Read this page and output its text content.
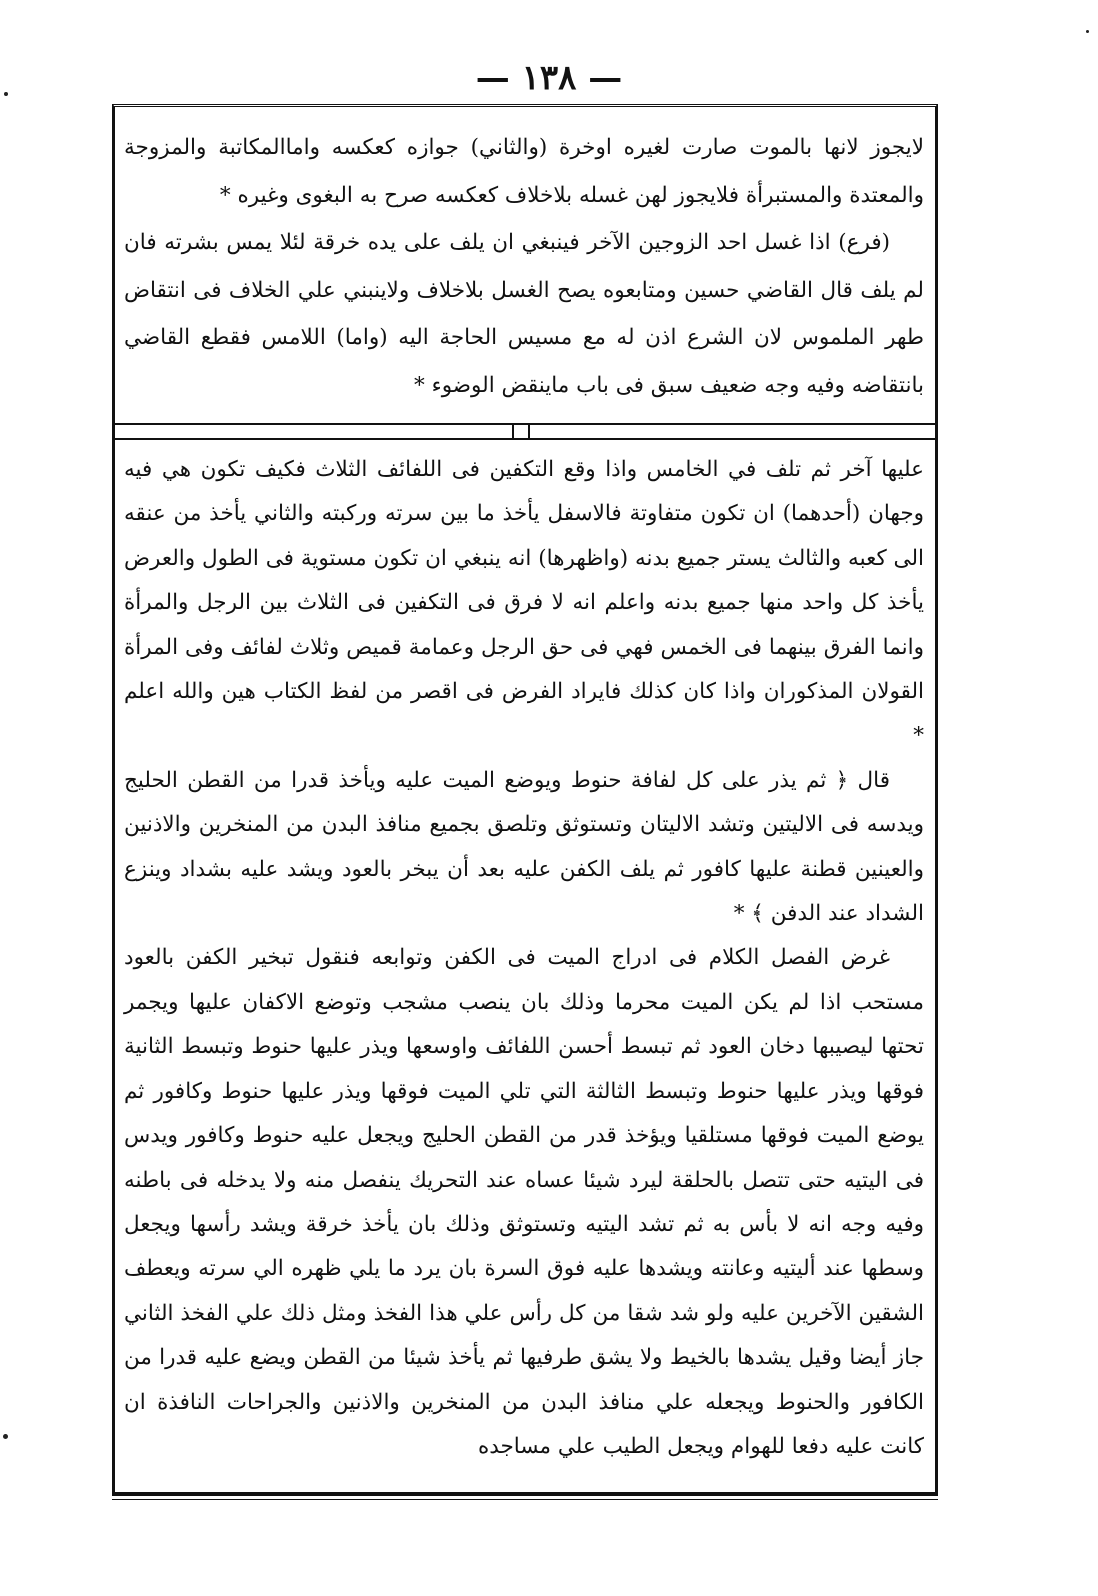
— ١٣٨ —

لايجوز لانها بالموت صارت لغيره اوخرة (والثاني) جوازه كعكسه واماالمكاتبة والمزوجة والمعتدة والمستبرأة فلايجوز لهن غسله بلاخلاف كعكسه صرح به البغوى وغيره *

(فرع) اذا غسل احد الزوجين الآخر فينبغي ان يلف على يده خرقة لئلا يمس بشرته فان لم يلف قال القاضي حسين ومتابعوه يصح الغسل بلاخلاف ولاينبني علي الخلاف فى انتقاض طهر الملموس لان الشرع اذن له مع مسيس الحاجة اليه (واما) اللامس فقطع القاضي بانتقاضه وفيه وجه ضعيف سبق فى باب ماينقض الوضوء *

عليها آخر ثم تلف في الخامس واذا وقع التكفين فى اللفائف الثلاث فكيف تكون هي فيه وجهان (أحدهما) ان تكون متفاوتة فالاسفل يأخذ ما بين سرته وركبته والثاني يأخذ من عنقه الى كعبه والثالث يستر جميع بدنه (واظهرها) انه ينبغي ان تكون مستوية فى الطول والعرض يأخذ كل واحد منها جميع بدنه واعلم انه لا فرق فى التكفين فى الثلاث بين الرجل والمرأة وانما الفرق بينهما فى الخمس فهي فى حق الرجل وعمامة قميص وثلاث لفائف وفى المرأة القولان المذكوران واذا كان كذلك فايراد الفرض فى اقصر من لفظ الكتاب هين والله اعلم *

قال ﴿ ثم يذر على كل لفافة حنوط ويوضع الميت عليه ويأخذ قدرا من القطن الحليج ويدسه فى الاليتين وتشد الاليتان وتستوثق وتلصق بجميع منافذ البدن من المنخرين والاذنين والعينين قطنة عليها كافور ثم يلف الكفن عليه بعد أن يبخر بالعود ويشد عليه بشداد وينزع الشداد عند الدفن ﴾ *

غرض الفصل الكلام فى ادراج الميت فى الكفن وتوابعه فنقول تبخير الكفن بالعود مستحب اذا لم يكن الميت محرما وذلك بان ينصب مشجب وتوضع الاكفان عليها ويجمر تحتها ليصيبها دخان العود ثم تبسط أحسن اللفائف واوسعها ويذر عليها حنوط وتبسط الثانية فوقها ويذر عليها حنوط وتبسط الثالثة التي تلي الميت فوقها ويذر عليها حنوط وكافور ثم يوضع الميت فوقها مستلقيا ويؤخذ قدر من القطن الحليج ويجعل عليه حنوط وكافور ويدس فى اليتيه حتى تتصل بالحلقة ليرد شيئا عساه عند التحريك ينفصل منه ولا يدخله فى باطنه وفيه وجه انه لا بأس به ثم تشد اليتيه وتستوثق وذلك بان يأخذ خرقة ويشد رأسها ويجعل وسطها عند أليتيه وعانته ويشدها عليه فوق السرة بان يرد ما يلي ظهره الي سرته ويعطف الشقين الآخرين عليه ولو شد شقا من كل رأس علي هذا الفخذ ومثل ذلك علي الفخذ الثاني جاز أيضا وقيل يشدها بالخيط ولا يشق طرفيها ثم يأخذ شيئا من القطن ويضع عليه قدرا من الكافور والحنوط ويجعله علي منافذ البدن من المنخرين والاذنين والجراحات النافذة ان كانت عليه دفعا للهوام ويجعل الطيب علي مساجده
